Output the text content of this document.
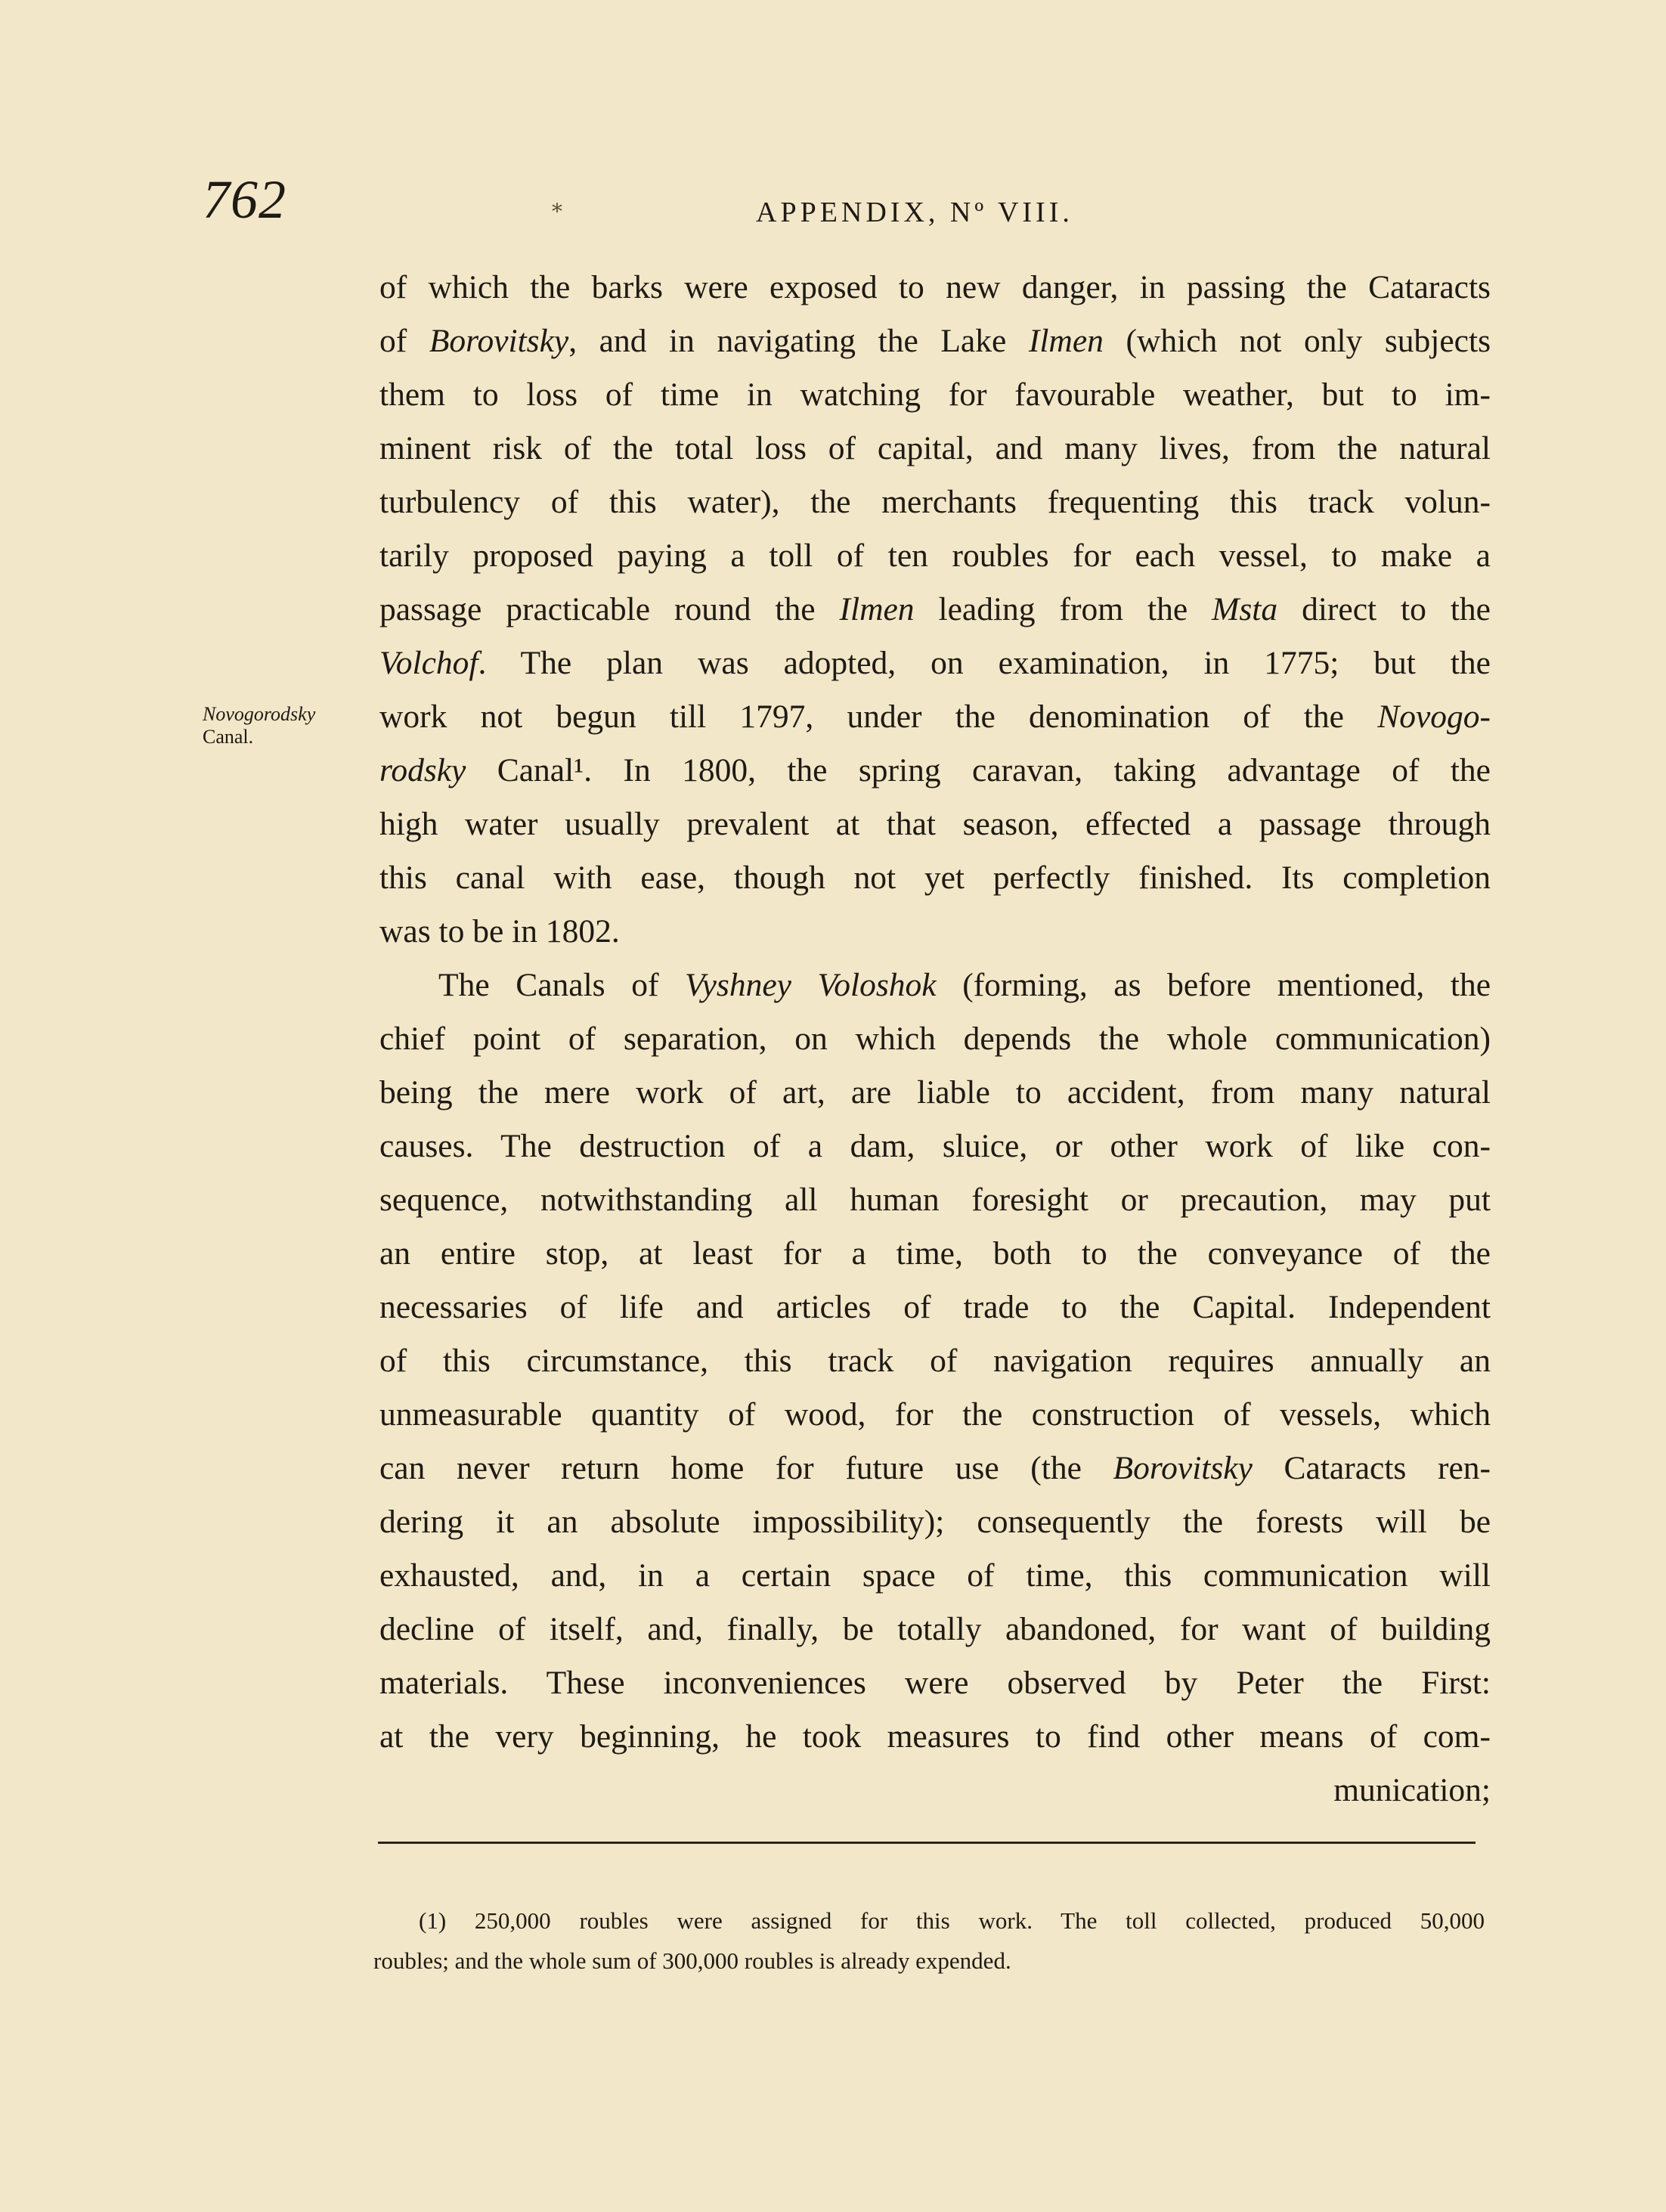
762	⁎	APPENDIX, Nº VIII.
Novogorodsky
Canal.
of which the barks were exposed to new danger, in passing the Cataracts
of Borovitsky, and in navigating the Lake Ilmen (which not only subjects
them to loss of time in watching for favourable weather, but to im-
minent risk of the total loss of capital, and many lives, from the natural
turbulency of this water), the merchants frequenting this track volun-
tarily proposed paying a toll of ten roubles for each vessel, to make a
passage practicable round the Ilmen leading from the Msta direct to the
Volchof. The plan was adopted, on examination, in 1775; but the
work not begun till 1797, under the denomination of the Novogo-
rodsky Canal¹. In 1800, the spring caravan, taking advantage of the
high water usually prevalent at that season, effected a passage through
this canal with ease, though not yet perfectly finished. Its completion
was to be in 1802.
The Canals of Vyshney Voloshok (forming, as before mentioned, the
chief point of separation, on which depends the whole communication)
being the mere work of art, are liable to accident, from many natural
causes. The destruction of a dam, sluice, or other work of like con-
sequence, notwithstanding all human foresight or precaution, may put
an entire stop, at least for a time, both to the conveyance of the
necessaries of life and articles of trade to the Capital. Independent
of this circumstance, this track of navigation requires annually an
unmeasurable quantity of wood, for the construction of vessels, which
can never return home for future use (the Borovitsky Cataracts ren-
dering it an absolute impossibility); consequently the forests will be
exhausted, and, in a certain space of time, this communication will
decline of itself, and, finally, be totally abandoned, for want of building
materials. These inconveniences were observed by Peter the First:
at the very beginning, he took measures to find other means of com-
munication;
(1) 250,000 roubles were assigned for this work. The toll collected, produced 50,000
roubles; and the whole sum of 300,000 roubles is already expended.
